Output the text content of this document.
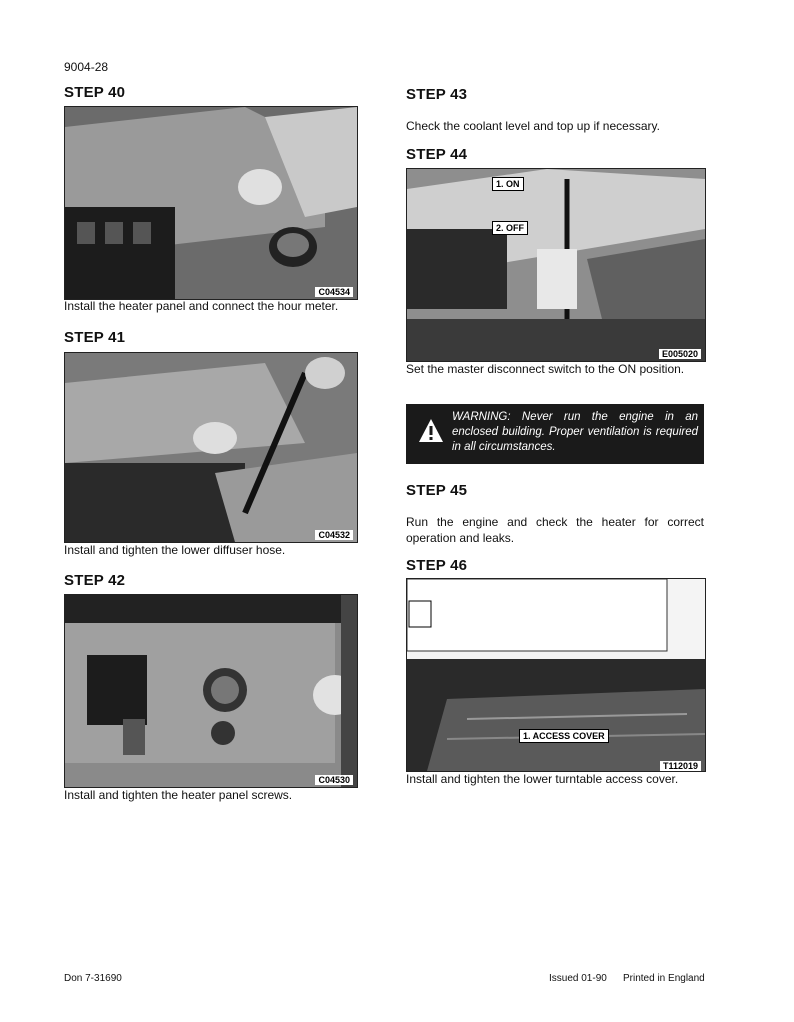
9004-28
STEP 40
C04534
Install the heater panel and connect the hour meter.
STEP 41
C04532
Install and tighten the lower diffuser hose.
STEP 42
C04530
Install and tighten the heater panel screws.
STEP 43
Check the coolant level and top up if necessary.
STEP 44
1. ON
2. OFF
E005020
Set the master disconnect switch to the ON position.
WARNING: Never run the engine in an enclosed building. Proper ventilation is required in all circumstances.
STEP 45
Run the engine and check the heater for correct operation and leaks.
STEP 46
1. ACCESS COVER
T112019
Install and tighten the lower turntable access cover.
Don 7-31690	Issued 01-90 Printed in England
